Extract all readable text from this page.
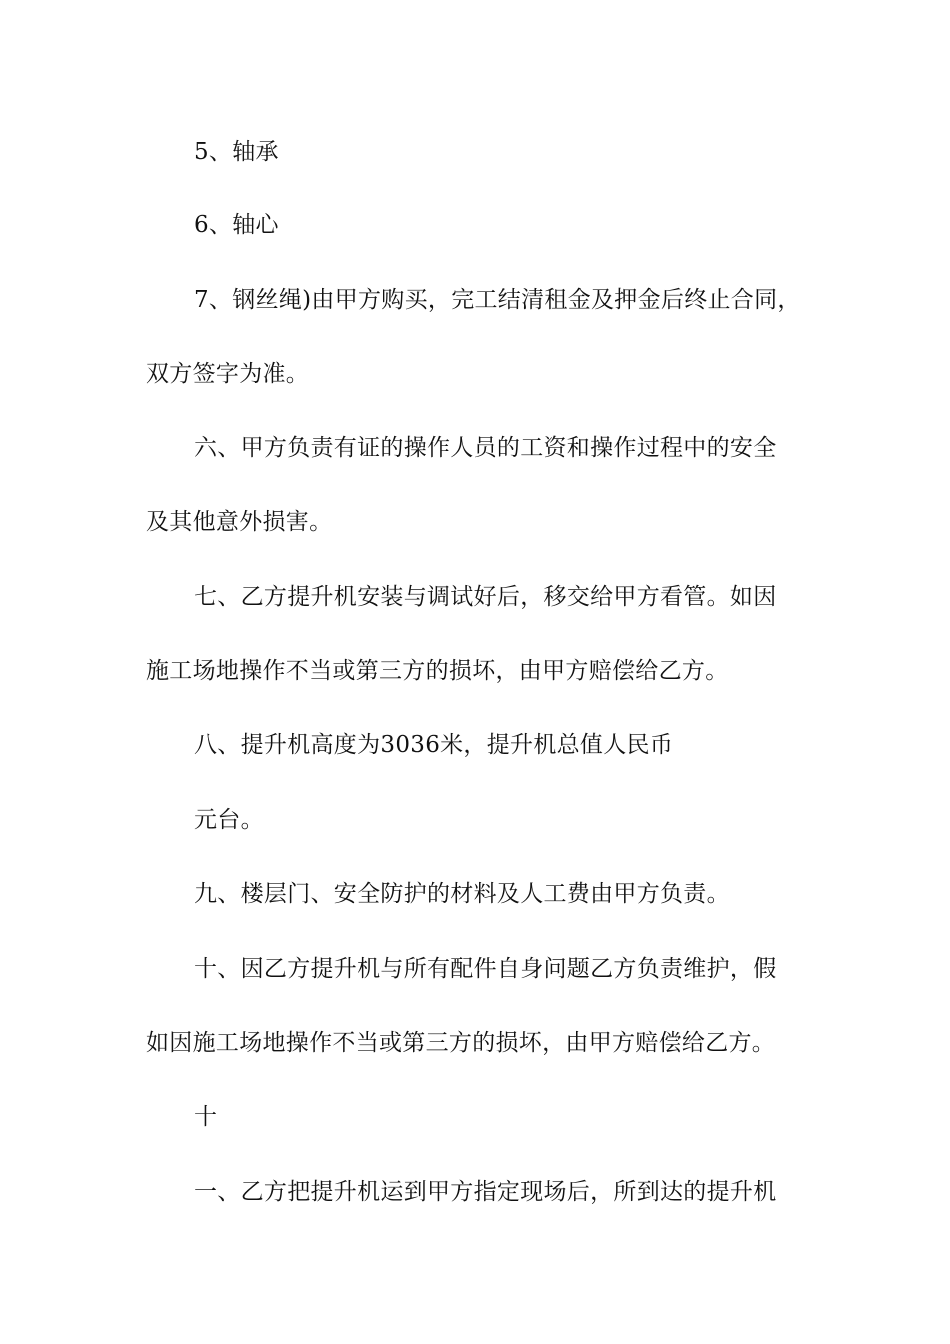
5、轴承
6、轴心
7、钢丝绳)由甲方购买，完工结清租金及押金后终止合同，
双方签字为准。
六、甲方负责有证的操作人员的工资和操作过程中的安全
及其他意外损害。
七、乙方提升机安装与调试好后，移交给甲方看管。如因
施工场地操作不当或第三方的损坏，由甲方赔偿给乙方。
八、提升机高度为3036米，提升机总值人民币
元台。
九、楼层门、安全防护的材料及人工费由甲方负责。
十、因乙方提升机与所有配件自身问题乙方负责维护，假
如因施工场地操作不当或第三方的损坏，由甲方赔偿给乙方。
十
一、乙方把提升机运到甲方指定现场后，所到达的提升机
